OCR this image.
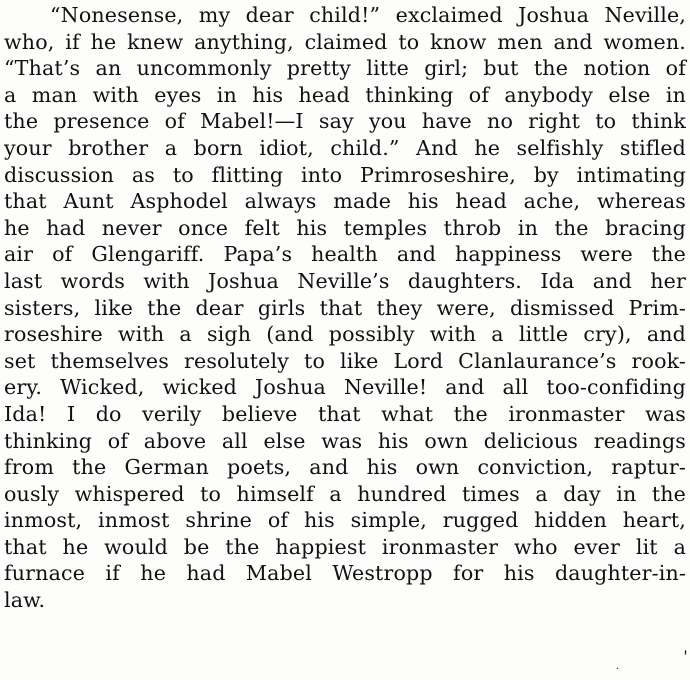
“Nonesense, my dear child!” exclaimed Joshua Neville,
who, if he knew anything, claimed to know men and women.
“That’s an uncommonly pretty litte girl; but the notion of
a man with eyes in his head thinking of anybody else in
the presence of Mabel!—I say you have no right to think
your brother a born idiot, child.” And he selfishly stifled
discussion as to flitting into Primroseshire, by intimating
that Aunt Asphodel always made his head ache, whereas
he had never once felt his temples throb in the bracing
air of Glengariff. Papa’s health and happiness were the
last words with Joshua Neville’s daughters. Ida and her
sisters, like the dear girls that they were, dismissed Prim-
roseshire with a sigh (and possibly with a little cry), and
set themselves resolutely to like Lord Clanlaurance’s rook-
ery. Wicked, wicked Joshua Neville! and all too-confiding
Ida! I do verily believe that what the ironmaster was
thinking of above all else was his own delicious readings
from the German poets, and his own conviction, raptur-
ously whispered to himself a hundred times a day in the
inmost, inmost shrine of his simple, rugged hidden heart,
that he would be the happiest ironmaster who ever lit a
furnace if he had Mabel Westropp for his daughter-in-
law.
ˈ
·
